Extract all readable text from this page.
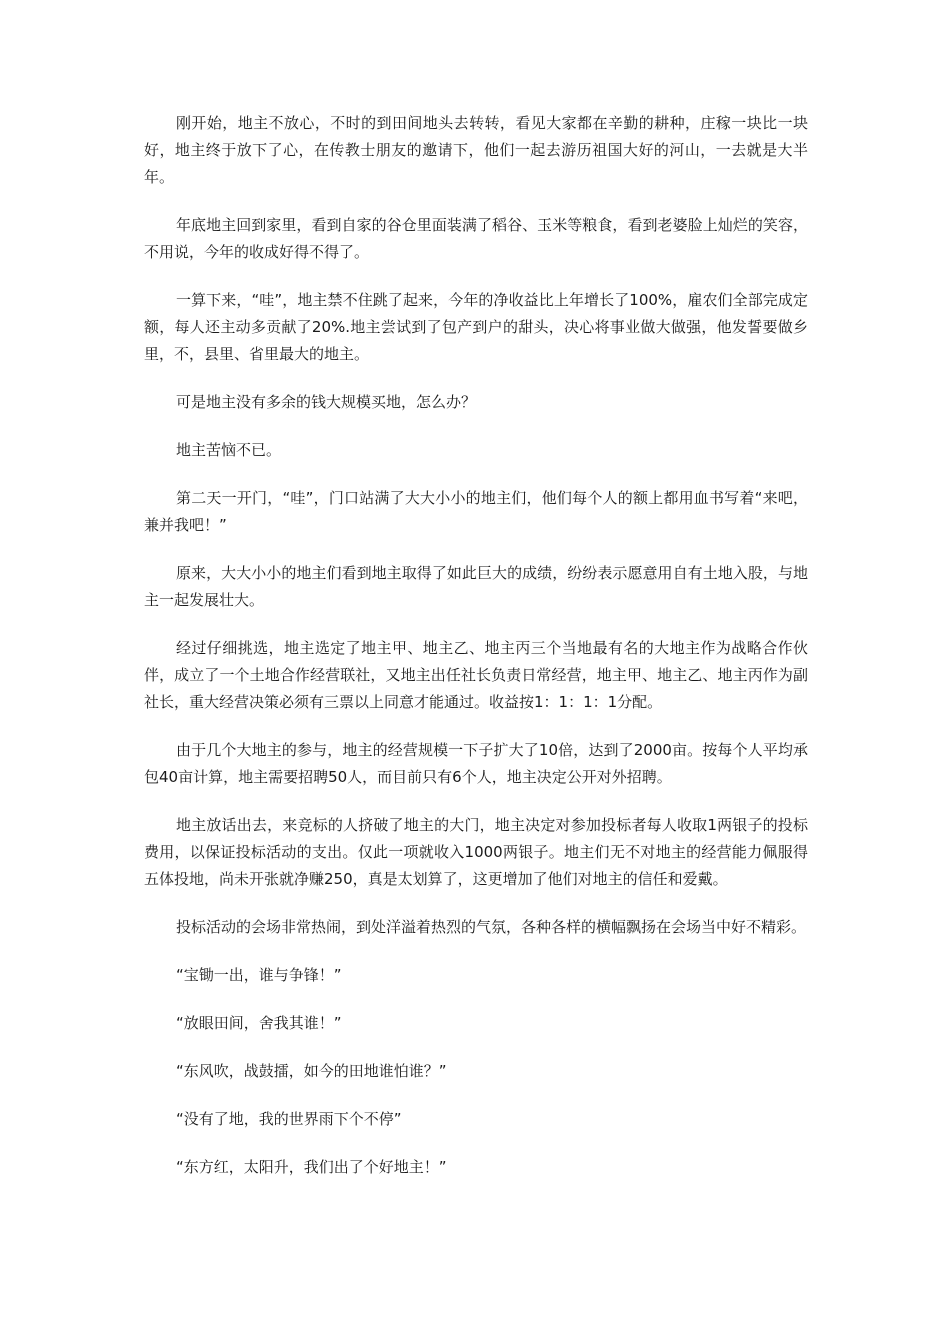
刚开始，地主不放心，不时的到田间地头去转转，看见大家都在辛勤的耕种，庄稼一块比一块好，地主终于放下了心，在传教士朋友的邀请下，他们一起去游历祖国大好的河山，一去就是大半年。

年底地主回到家里，看到自家的谷仓里面装满了稻谷、玉米等粮食，看到老婆脸上灿烂的笑容，不用说，今年的收成好得不得了。

一算下来，“哇”，地主禁不住跳了起来，今年的净收益比上年增长了100%，雇农们全部完成定额，每人还主动多贡献了20%.地主尝试到了包产到户的甜头，决心将事业做大做强，他发誓要做乡里，不，县里、省里最大的地主。

可是地主没有多余的钱大规模买地，怎么办？

地主苦恼不已。

第二天一开门，“哇”，门口站满了大大小小的地主们，他们每个人的额上都用血书写着“来吧，兼并我吧！”

原来，大大小小的地主们看到地主取得了如此巨大的成绩，纷纷表示愿意用自有土地入股，与地主一起发展壮大。

经过仔细挑选，地主选定了地主甲、地主乙、地主丙三个当地最有名的大地主作为战略合作伙伴，成立了一个土地合作经营联社，又地主出任社长负责日常经营，地主甲、地主乙、地主丙作为副社长，重大经营决策必须有三票以上同意才能通过。收益按1：1：1：1分配。

由于几个大地主的参与，地主的经营规模一下子扩大了10倍，达到了2000亩。按每个人平均承包40亩计算，地主需要招聘50人，而目前只有6个人，地主决定公开对外招聘。

地主放话出去，来竞标的人挤破了地主的大门，地主决定对参加投标者每人收取1两银子的投标费用，以保证投标活动的支出。仅此一项就收入1000两银子。地主们无不对地主的经营能力佩服得五体投地，尚未开张就净赚250，真是太划算了，这更增加了他们对地主的信任和爱戴。

投标活动的会场非常热闹，到处洋溢着热烈的气氛，各种各样的横幅飘扬在会场当中好不精彩。

“宝锄一出，谁与争锋！”

“放眼田间，舍我其谁！”

“东风吹，战鼓擂，如今的田地谁怕谁？”

“没有了地，我的世界雨下个不停”

“东方红，太阳升，我们出了个好地主！”
